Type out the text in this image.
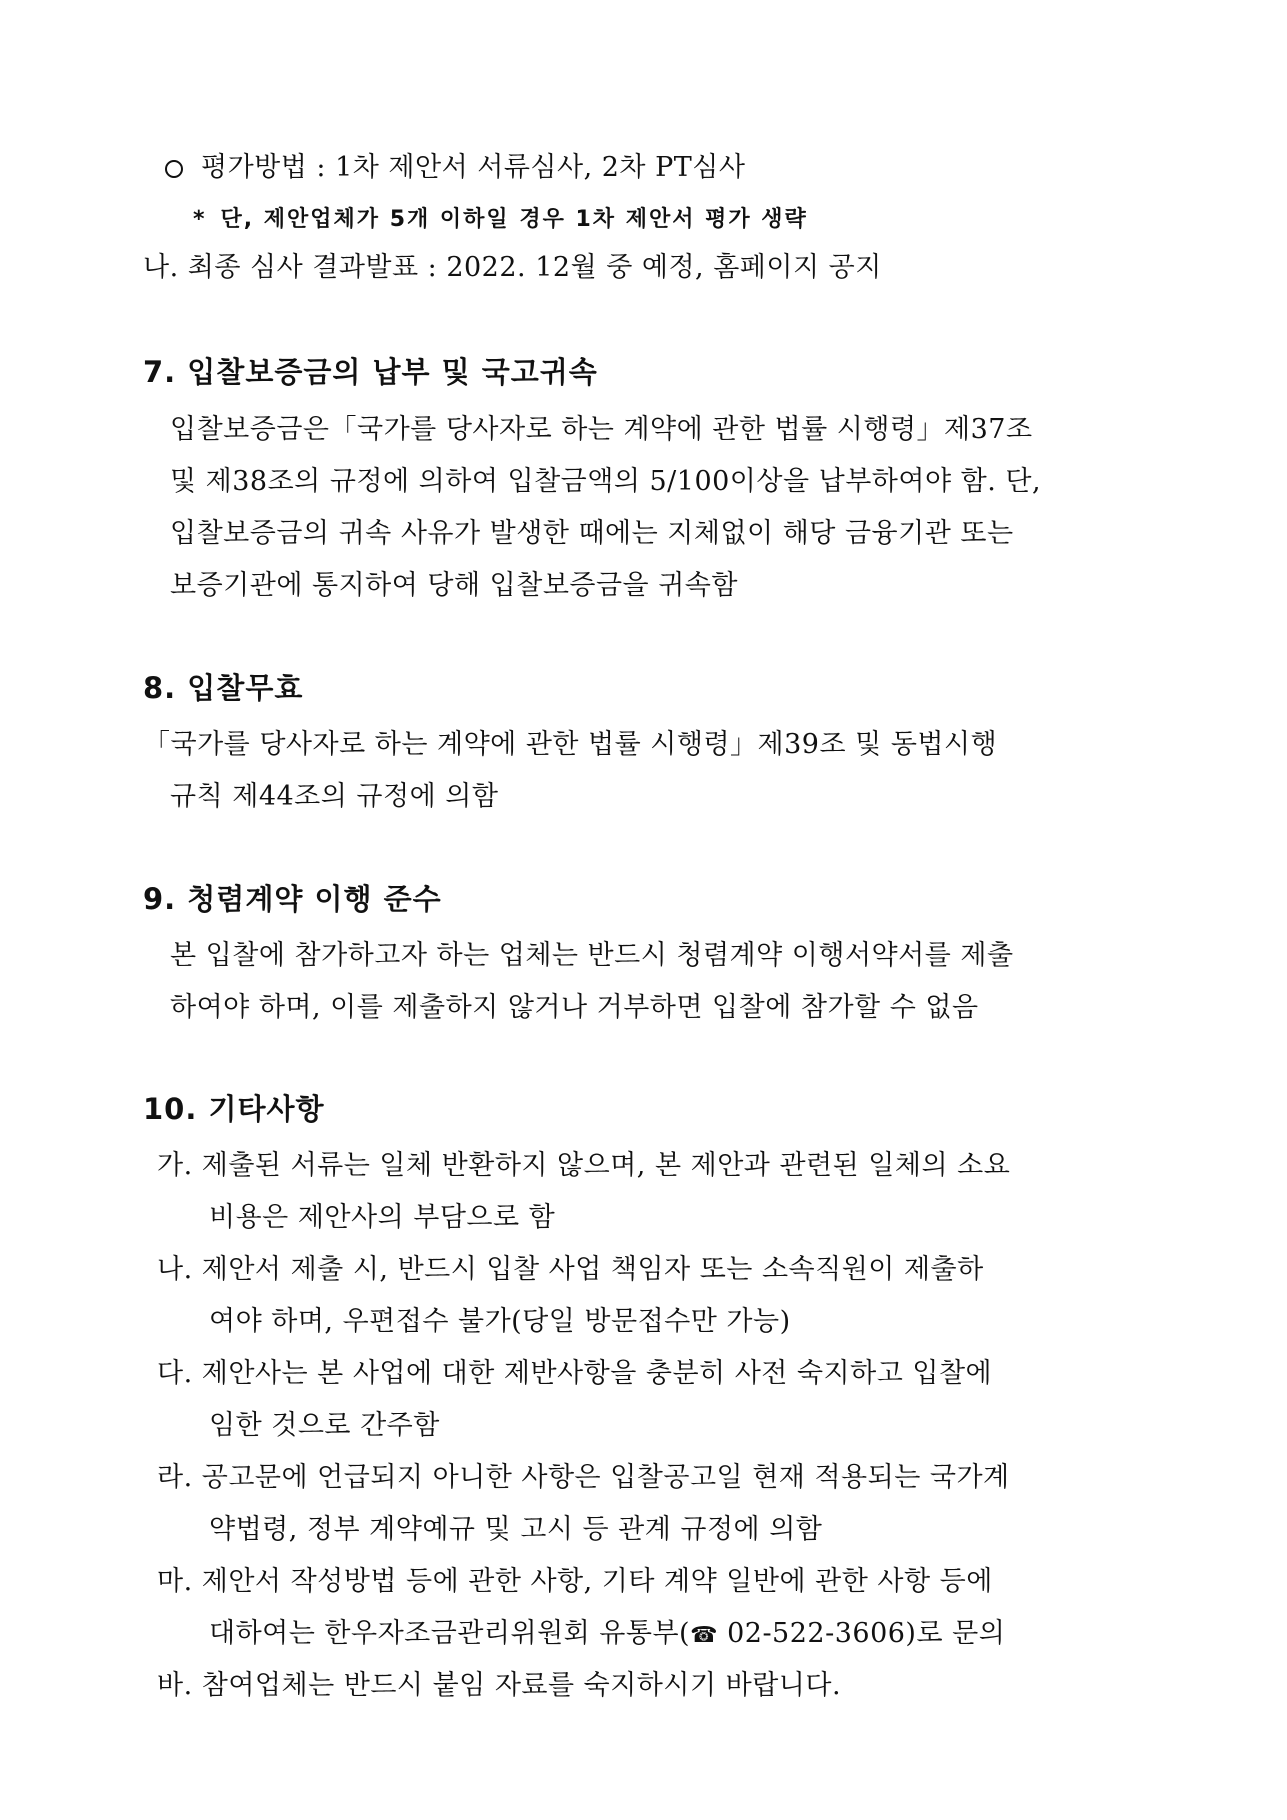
평가방법 : 1차 제안서 서류심사, 2차 PT심사
* 단, 제안업체가 5개 이하일 경우 1차 제안서 평가 생략
나. 최종 심사 결과발표 : 2022. 12월 중 예정, 홈페이지 공지
7. 입찰보증금의 납부 및 국고귀속
입찰보증금은「국가를 당사자로 하는 계약에 관한 법률 시행령」제37조
및 제38조의 규정에 의하여 입찰금액의 5/100이상을 납부하여야 함. 단,
입찰보증금의 귀속 사유가 발생한 때에는 지체없이 해당 금융기관 또는
보증기관에 통지하여 당해 입찰보증금을 귀속함
8. 입찰무효
「국가를 당사자로 하는 계약에 관한 법률 시행령」제39조 및 동법시행
규칙 제44조의 규정에 의함
9. 청렴계약 이행 준수
본 입찰에 참가하고자 하는 업체는 반드시 청렴계약 이행서약서를 제출
하여야 하며, 이를 제출하지 않거나 거부하면 입찰에 참가할 수 없음
10. 기타사항
가. 제출된 서류는 일체 반환하지 않으며, 본 제안과 관련된 일체의 소요
비용은 제안사의 부담으로 함
나. 제안서 제출 시, 반드시 입찰 사업 책임자 또는 소속직원이 제출하
여야 하며, 우편접수 불가(당일 방문접수만 가능)
다. 제안사는 본 사업에 대한 제반사항을 충분히 사전 숙지하고 입찰에
임한 것으로 간주함
라. 공고문에 언급되지 아니한 사항은 입찰공고일 현재 적용되는 국가계
약법령, 정부 계약예규 및 고시 등 관계 규정에 의함
마. 제안서 작성방법 등에 관한 사항, 기타 계약 일반에 관한 사항 등에
대하여는 한우자조금관리위원회 유통부(☎ 02-522-3606)로 문의
바. 참여업체는 반드시 붙임 자료를 숙지하시기 바랍니다.
